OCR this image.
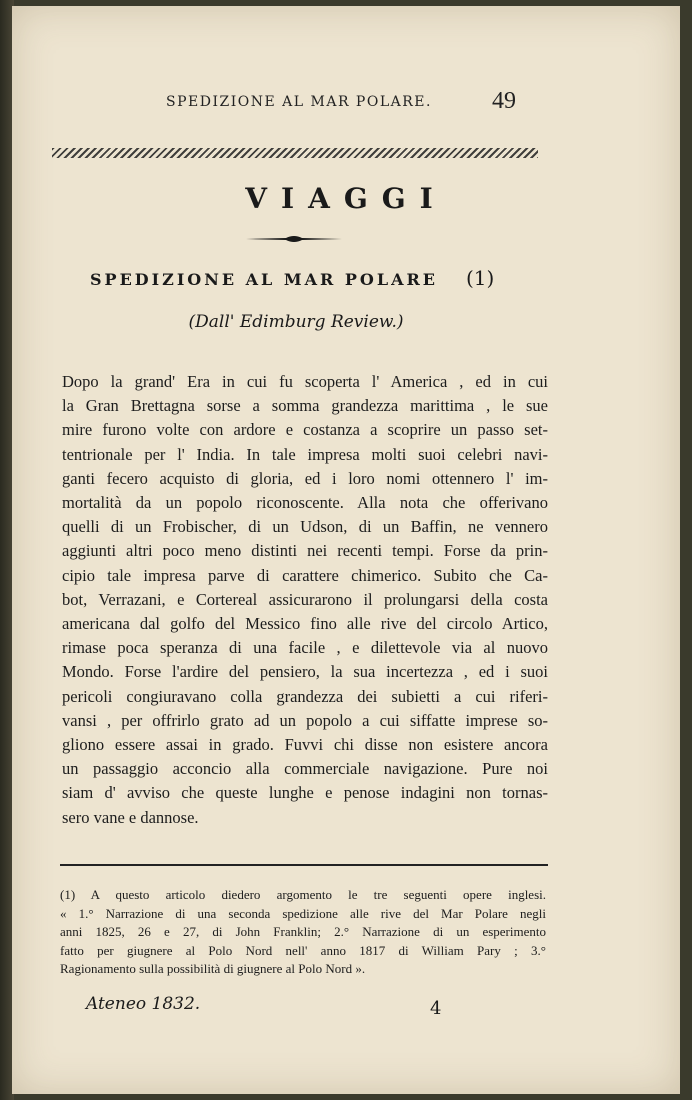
SPEDIZIONE AL MAR POLARE.	49
VIAGGI
SPEDIZIONE AL MAR POLARE (1)
(Dall' Edimburg Review.)
Dopo la grand' Era in cui fu scoperta l' America , ed in cui
la Gran Brettagna sorse a somma grandezza marittima , le sue
mire furono volte con ardore e costanza a scoprire un passo set-
tentrionale per l' India. In tale impresa molti suoi celebri navi-
ganti fecero acquisto di gloria, ed i loro nomi ottennero l' im-
mortalità da un popolo riconoscente. Alla nota che offerivano
quelli di un Frobischer, di un Udson, di un Baffin, ne vennero
aggiunti altri poco meno distinti nei recenti tempi. Forse da prin-
cipio tale impresa parve di carattere chimerico. Subito che Ca-
bot, Verrazani, e Cortereal assicurarono il prolungarsi della costa
americana dal golfo del Messico fino alle rive del circolo Artico,
rimase poca speranza di una facile , e dilettevole via al nuovo
Mondo. Forse l'ardire del pensiero, la sua incertezza , ed i suoi
pericoli congiuravano colla grandezza dei subietti a cui riferi-
vansi , per offrirlo grato ad un popolo a cui siffatte imprese so-
gliono essere assai in grado. Fuvvi chi disse non esistere ancora
un passaggio acconcio alla commerciale navigazione. Pure noi
siam d' avviso che queste lunghe e penose indagini non tornas-
sero vane e dannose.
(1) A questo articolo diedero argomento le tre seguenti opere inglesi.
« 1.° Narrazione di una seconda spedizione alle rive del Mar Polare negli
anni 1825, 26 e 27, di John Franklin; 2.° Narrazione di un esperimento
fatto per giugnere al Polo Nord nell' anno 1817 di William Pary ; 3.°
Ragionamento sulla possibilità di giugnere al Polo Nord ».
Ateneo 1832.	4
